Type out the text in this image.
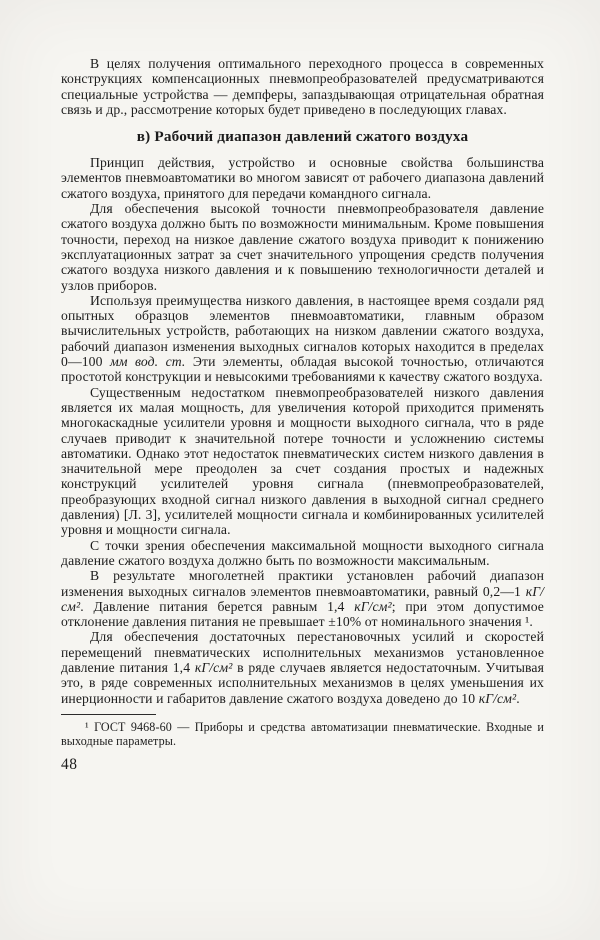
В целях получения оптимального переходного процесса в современных конструкциях компенсационных пневмопреобразователей предусматриваются специальные устройства — демпферы, запаздывающая отрицательная обратная связь и др., рассмотрение которых будет приведено в последующих главах.

в) Рабочий диапазон давлений сжатого воздуха

Принцип действия, устройство и основные свойства большинства элементов пневмоавтоматики во многом зависят от рабочего диапазона давлений сжатого воздуха, принятого для передачи командного сигнала.

Для обеспечения высокой точности пневмопреобразователя давление сжатого воздуха должно быть по возможности минимальным. Кроме повышения точности, переход на низкое давление сжатого воздуха приводит к понижению эксплуатационных затрат за счет значительного упрощения средств получения сжатого воздуха низкого давления и к повышению технологичности деталей и узлов приборов.

Используя преимущества низкого давления, в настоящее время создали ряд опытных образцов элементов пневмоавтоматики, главным образом вычислительных устройств, работающих на низком давлении сжатого воздуха, рабочий диапазон изменения выходных сигналов которых находится в пределах 0—100 мм вод. ст. Эти элементы, обладая высокой точностью, отличаются простотой конструкции и невысокими требованиями к качеству сжатого воздуха.

Существенным недостатком пневмопреобразователей низкого давления является их малая мощность, для увеличения которой приходится применять многокаскадные усилители уровня и мощности выходного сигнала, что в ряде случаев приводит к значительной потере точности и усложнению системы автоматики. Однако этот недостаток пневматических систем низкого давления в значительной мере преодолен за счет создания простых и надежных конструкций усилителей уровня сигнала (пневмопреобразователей, преобразующих входной сигнал низкого давления в выходной сигнал среднего давления) [Л. 3], усилителей мощности сигнала и комбинированных усилителей уровня и мощности сигнала.

С точки зрения обеспечения максимальной мощности выходного сигнала давление сжатого воздуха должно быть по возможности максимальным.

В результате многолетней практики установлен рабочий диапазон изменения выходных сигналов элементов пневмоавтоматики, равный 0,2—1 кГ/см². Давление питания берется равным 1,4 кГ/см²; при этом допустимое отклонение давления питания не превышает ±10% от номинального значения ¹.

Для обеспечения достаточных перестановочных усилий и скоростей перемещений пневматических исполнительных механизмов установленное давление питания 1,4 кГ/см² в ряде случаев является недостаточным. Учитывая это, в ряде современных исполнительных механизмов в целях уменьшения их инерционности и габаритов давление сжатого воздуха доведено до 10 кГ/см².

¹ ГОСТ 9468-60 — Приборы и средства автоматизации пневматические. Входные и выходные параметры.

48
